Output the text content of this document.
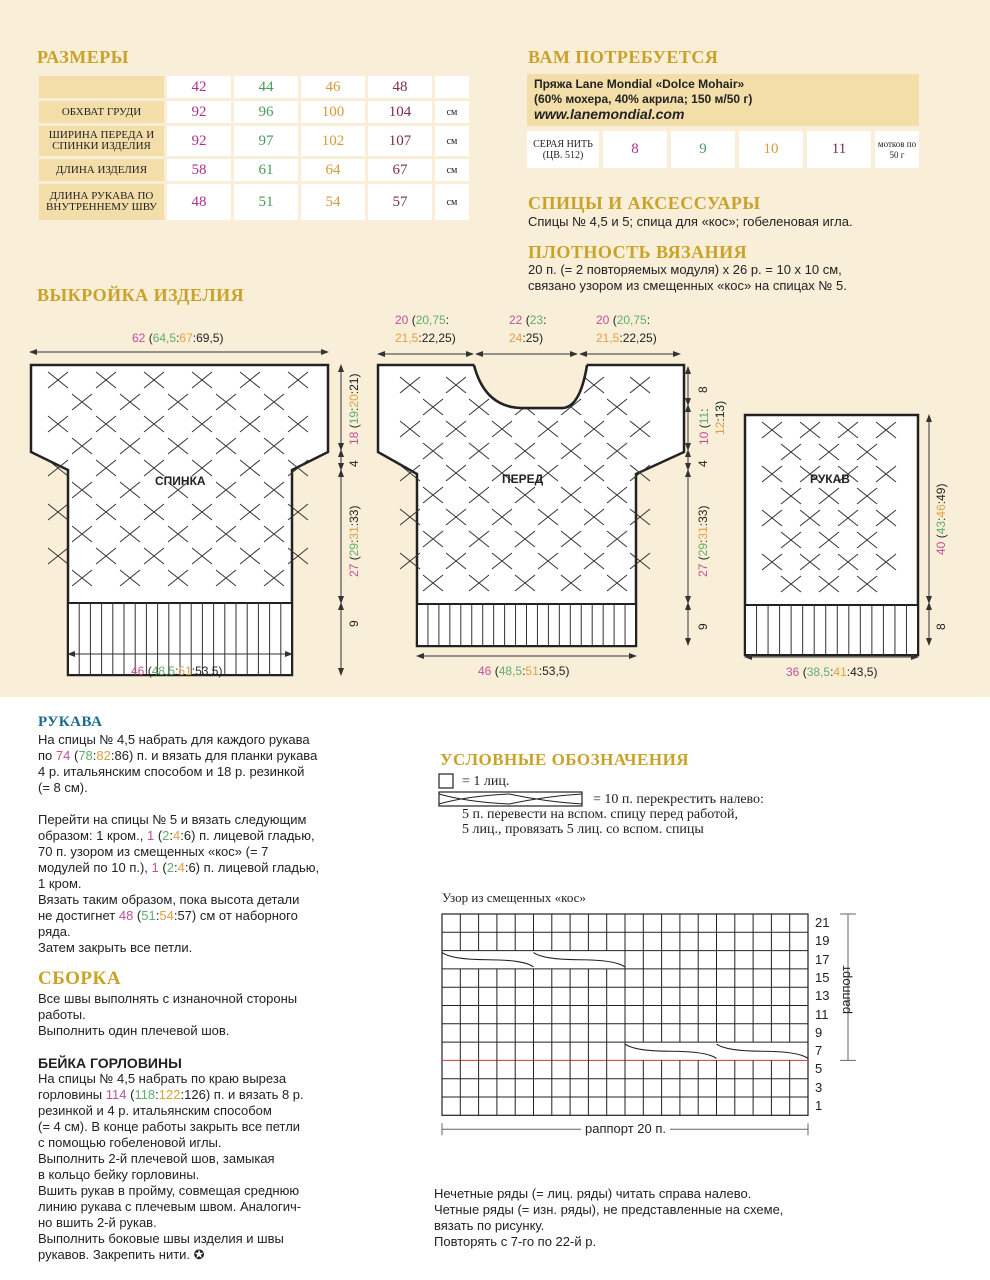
РАЗМЕРЫ
	42	44	46	48	
ОБХВАТ ГРУДИ	92	96	100	104	см
ШИРИНА ПЕРЕДА И СПИНКИ ИЗДЕЛИЯ	92	97	102	107	см
ДЛИНА ИЗДЕЛИЯ	58	61	64	67	см
ДЛИНА РУКАВА ПО ВНУТРЕННЕМУ ШВУ	48	51	54	57	см
ВАМ ПОТРЕБУЕТСЯ
Пряжа Lane Mondial «Dolce Mohair»
(60% мохера, 40% акрила; 150 м/50 г)
www.lanemondial.com
СЕРАЯ НИТЬ (ЦВ. 512)	8	9	10	11	мотков по 50 г
СПИЦЫ И АКСЕССУАРЫ
Спицы № 4,5 и 5; спица для «кос»; гобеленовая игла.
ПЛОТНОСТЬ ВЯЗАНИЯ
20 п. (= 2 повторяемых модуля) х 26 р. = 10 х 10 см,
связано узором из смещенных «кос» на спицах № 5.
ВЫКРОЙКА ИЗДЕЛИЯ
СПИНКА	ПЕРЕД	РУКАВ
62 (64,5:67:69,5)
46 (48,5:51:53,5)
18 (19:20:21)
4
27 (29:31:33)
9
20 (20,75:
21,5:22,25)
22 (23:
24:25)
20 (20,75:
21,5:22,25)
46 (48,5:51:53,5)
8
10 (11:
12:13)
4
27 (29:31:33)
9
40 (43:46:49)
8
36 (38,5:41:43,5)
РУКАВА

На спицы № 4,5 набрать для каждого рукава

по 74 (78:82:86) п. и вязать для планки рукава

4 р. итальянским способом и 18 р. резинкой

(= 8 см).

Перейти на спицы № 5 и вязать следующим

образом: 1 кром., 1 (2:4:6) п. лицевой гладью,

70 п. узором из смещенных «кос» (= 7

модулей по 10 п.), 1 (2:4:6) п. лицевой гладью,

1 кром.

Вязать таким образом, пока высота детали

не достигнет 48 (51:54:57) см от наборного

ряда.

Затем закрыть все петли.

СБОРКА

Все швы выполнять с изнаночной стороны

работы.

Выполнить один плечевой шов.

БЕЙКА ГОРЛОВИНЫ

На спицы № 4,5 набрать по краю выреза

горловины 114 (118:122:126) п. и вязать 8 р.

резинкой и 4 р. итальянским способом

(= 4 см). В конце работы закрыть все петли

с помощью гобеленовой иглы.

Выполнить 2-й плечевой шов, замыкая

в кольцо бейку горловины.

Вшить рукав в пройму, совмещая среднюю

линию рукава с плечевым швом. Аналогич-

но вшить 2-й рукав.

Выполнить боковые швы изделия и швы

рукавов. Закрепить нити. ✪

УСЛОВНЫЕ ОБОЗНАЧЕНИЯ
= 1 лиц.
= 10 п. перекрестить налево:
5 п. перевести на вспом. спицу перед работой,
5 лиц., провязать 5 лиц. со вспом. спицы
Узор из смещенных «кос»
21
19
17
15
13
11
9
7
5
3
1
раппорт
раппорт 20 п.

Нечетные ряды (= лиц. ряды) читать справа налево.

Четные ряды (= изн. ряды), не представленные на схеме,

вязать по рисунку.

Повторять с 7-го по 22-й р.
